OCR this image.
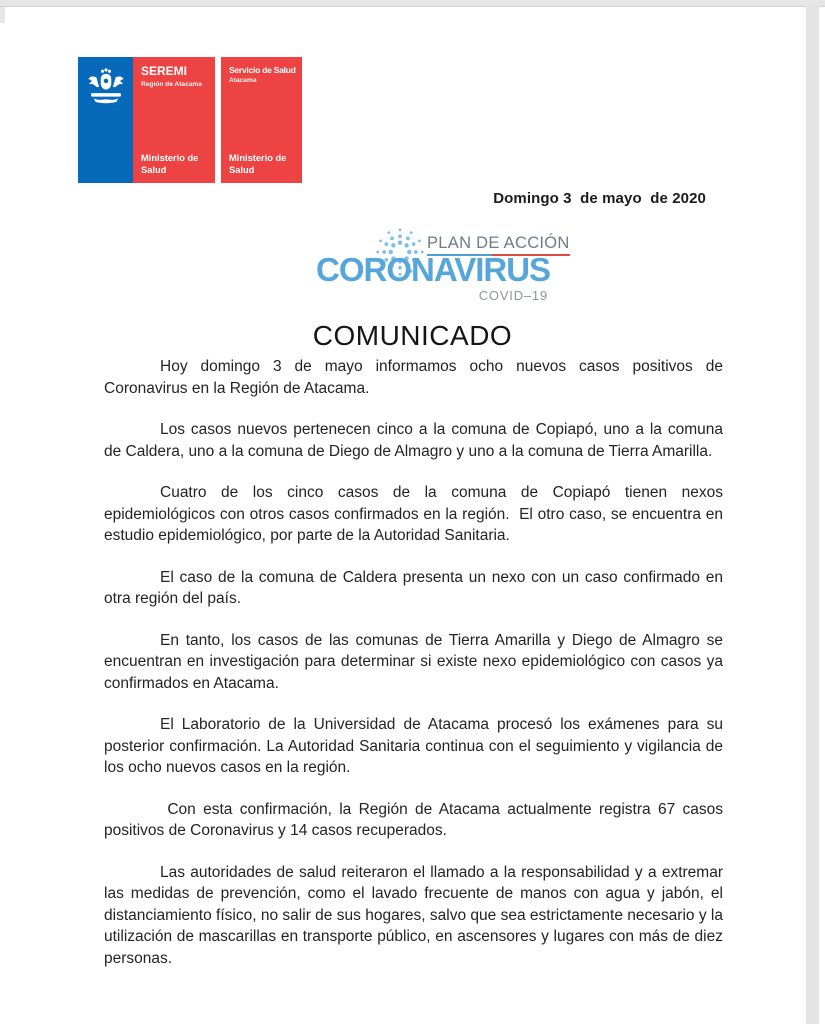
SEREMI
Región de Atacama
Ministerio de Salud
Servicio de Salud
Atacama
Ministerio de Salud
Domingo 3  de mayo  de 2020
PLAN DE ACCIÓN
CORONAVIRUS
COVID–19
COMUNICADO

Hoy domingo 3 de mayo informamos ocho nuevos casos positivos de Coronavirus en la Región de Atacama.

Los casos nuevos pertenecen cinco a la comuna de Copiapó, uno a la comuna de Caldera, uno a la comuna de Diego de Almagro y uno a la comuna de Tierra Amarilla.

Cuatro de los cinco casos de la comuna de Copiapó tienen nexos epidemiológicos con otros casos confirmados en la región.  El otro caso, se encuentra en estudio epidemiológico, por parte de la Autoridad Sanitaria.

El caso de la comuna de Caldera presenta un nexo con un caso confirmado en otra región del país.

En tanto, los casos de las comunas de Tierra Amarilla y Diego de Almagro se encuentran en investigación para determinar si existe nexo epidemiológico con casos ya confirmados en Atacama.

El Laboratorio de la Universidad de Atacama procesó los exámenes para su posterior confirmación. La Autoridad Sanitaria continua con el seguimiento y vigilancia de los ocho nuevos casos en la región.

Con esta confirmación, la Región de Atacama actualmente registra 67 casos positivos de Coronavirus y 14 casos recuperados.

Las autoridades de salud reiteraron el llamado a la responsabilidad y a extremar las medidas de prevención, como el lavado frecuente de manos con agua y jabón, el distanciamiento físico, no salir de sus hogares, salvo que sea estrictamente necesario y la utilización de mascarillas en transporte público, en ascensores y lugares con más de diez personas.
